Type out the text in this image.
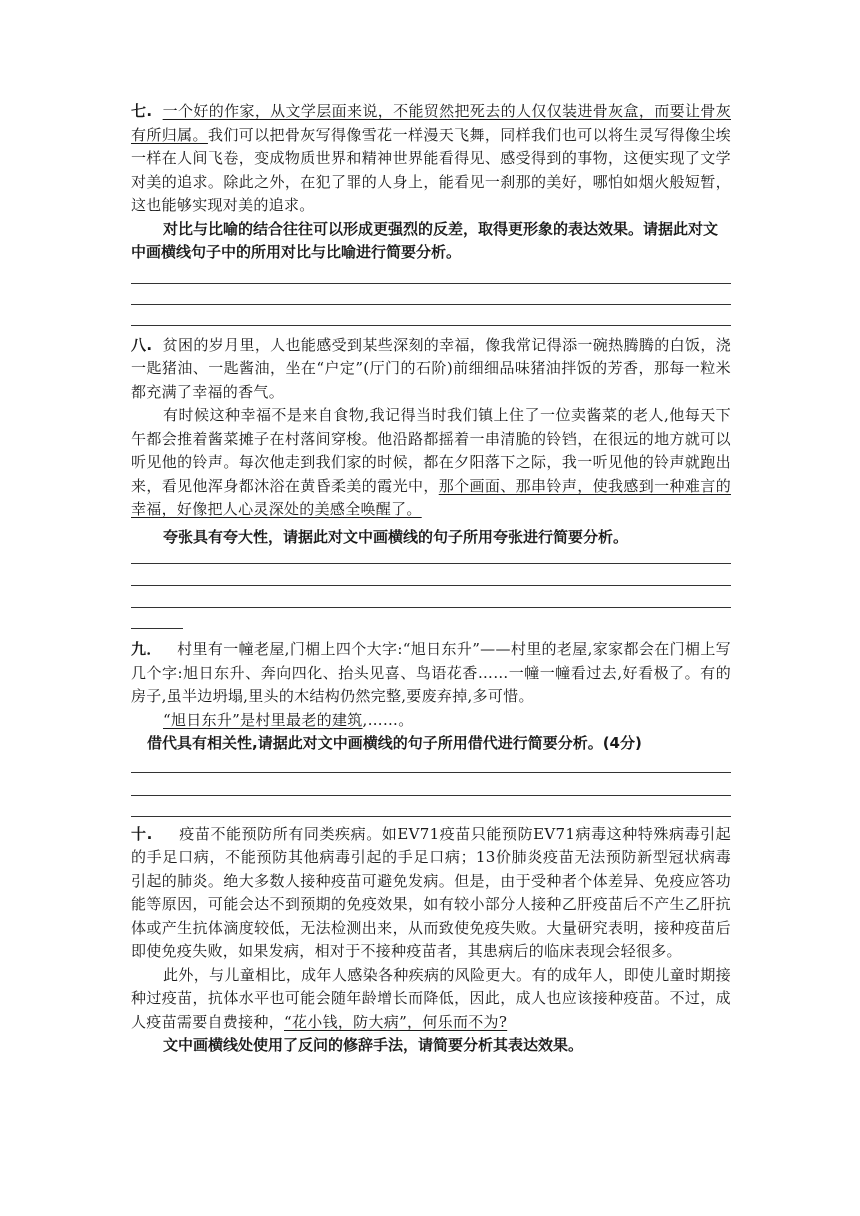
七. 一个好的作家，从文学层面来说，不能贸然把死去的人仅仅装进骨灰盒，而要让骨灰有所归属。我们可以把骨灰写得像雪花一样漫天飞舞，同样我们也可以将生灵写得像尘埃一样在人间飞卷，变成物质世界和精神世界能看得见、感受得到的事物，这便实现了文学对美的追求。除此之外，在犯了罪的人身上，能看见一刹那的美好，哪怕如烟火般短暂，这也能够实现对美的追求。

对比与比喻的结合往往可以形成更强烈的反差，取得更形象的表达效果。请据此对文中画横线句子中的所用对比与比喻进行简要分析。

八. 贫困的岁月里，人也能感受到某些深刻的幸福，像我常记得添一碗热腾腾的白饭，浇一匙猪油、一匙酱油，坐在“户定”(厅门的石阶)前细细品味猪油拌饭的芳香，那每一粒米都充满了幸福的香气。

有时候这种幸福不是来自食物,我记得当时我们镇上住了一位卖酱菜的老人,他每天下午都会推着酱菜摊子在村落间穿梭。他沿路都摇着一串清脆的铃铛，在很远的地方就可以听见他的铃声。每次他走到我们家的时候，都在夕阳落下之际，我一听见他的铃声就跑出来，看见他浑身都沐浴在黄昏柔美的霞光中，那个画面、那串铃声，使我感到一种难言的幸福，好像把人心灵深处的美感全唤醒了。

夸张具有夸大性，请据此对文中画横线的句子所用夸张进行简要分析。

九． 村里有一幢老屋,门楣上四个大字:“旭日东升”——村里的老屋,家家都会在门楣上写几个字:旭日东升、奔向四化、抬头见喜、鸟语花香……一幢一幢看过去,好看极了。有的房子,虽半边坍塌,里头的木结构仍然完整,要废弃掉,多可惜。

“旭日东升”是村里最老的建筑,……。

借代具有相关性,请据此对文中画横线的句子所用借代进行简要分析。(4分)

十. 疫苗不能预防所有同类疾病。如EV71疫苗只能预防EV71病毒这种特殊病毒引起的手足口病，不能预防其他病毒引起的手足口病；13价肺炎疫苗无法预防新型冠状病毒引起的肺炎。绝大多数人接种疫苗可避免发病。但是，由于受种者个体差异、免疫应答功能等原因，可能会达不到预期的免疫效果，如有较小部分人接种乙肝疫苗后不产生乙肝抗体或产生抗体滴度较低，无法检测出来，从而致使免疫失败。大量研究表明，接种疫苗后即使免疫失败，如果发病，相对于不接种疫苗者，其患病后的临床表现会轻很多。

此外，与儿童相比，成年人感染各种疾病的风险更大。有的成年人，即使儿童时期接种过疫苗，抗体水平也可能会随年龄增长而降低，因此，成人也应该接种疫苗。不过，成人疫苗需要自费接种，“花小钱，防大病”，何乐而不为?

文中画横线处使用了反问的修辞手法，请简要分析其表达效果。
